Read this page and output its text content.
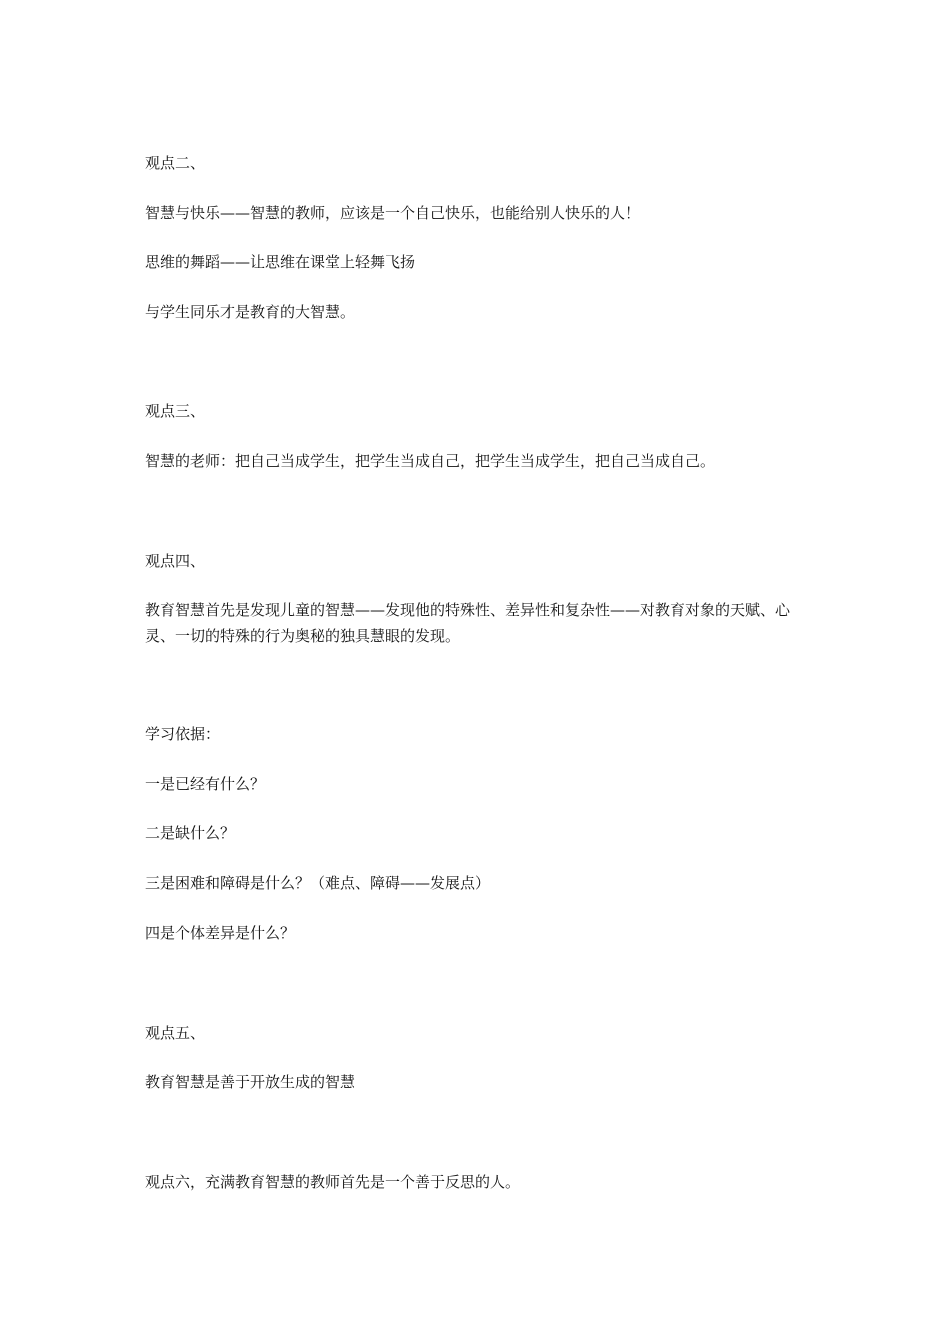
观点二、

智慧与快乐——智慧的教师，应该是一个自己快乐，也能给别人快乐的人！

思维的舞蹈——让思维在课堂上轻舞飞扬

与学生同乐才是教育的大智慧。

观点三、

智慧的老师：把自己当成学生，把学生当成自己，把学生当成学生，把自己当成自己。

观点四、

教育智慧首先是发现儿童的智慧——发现他的特殊性、差异性和复杂性——对教育对象的天赋、心灵、一切的特殊的行为奥秘的独具慧眼的发现。

学习依据：

一是已经有什么？

二是缺什么？

三是困难和障碍是什么？（难点、障碍——发展点）

四是个体差异是什么？

观点五、

教育智慧是善于开放生成的智慧

观点六，充满教育智慧的教师首先是一个善于反思的人。
